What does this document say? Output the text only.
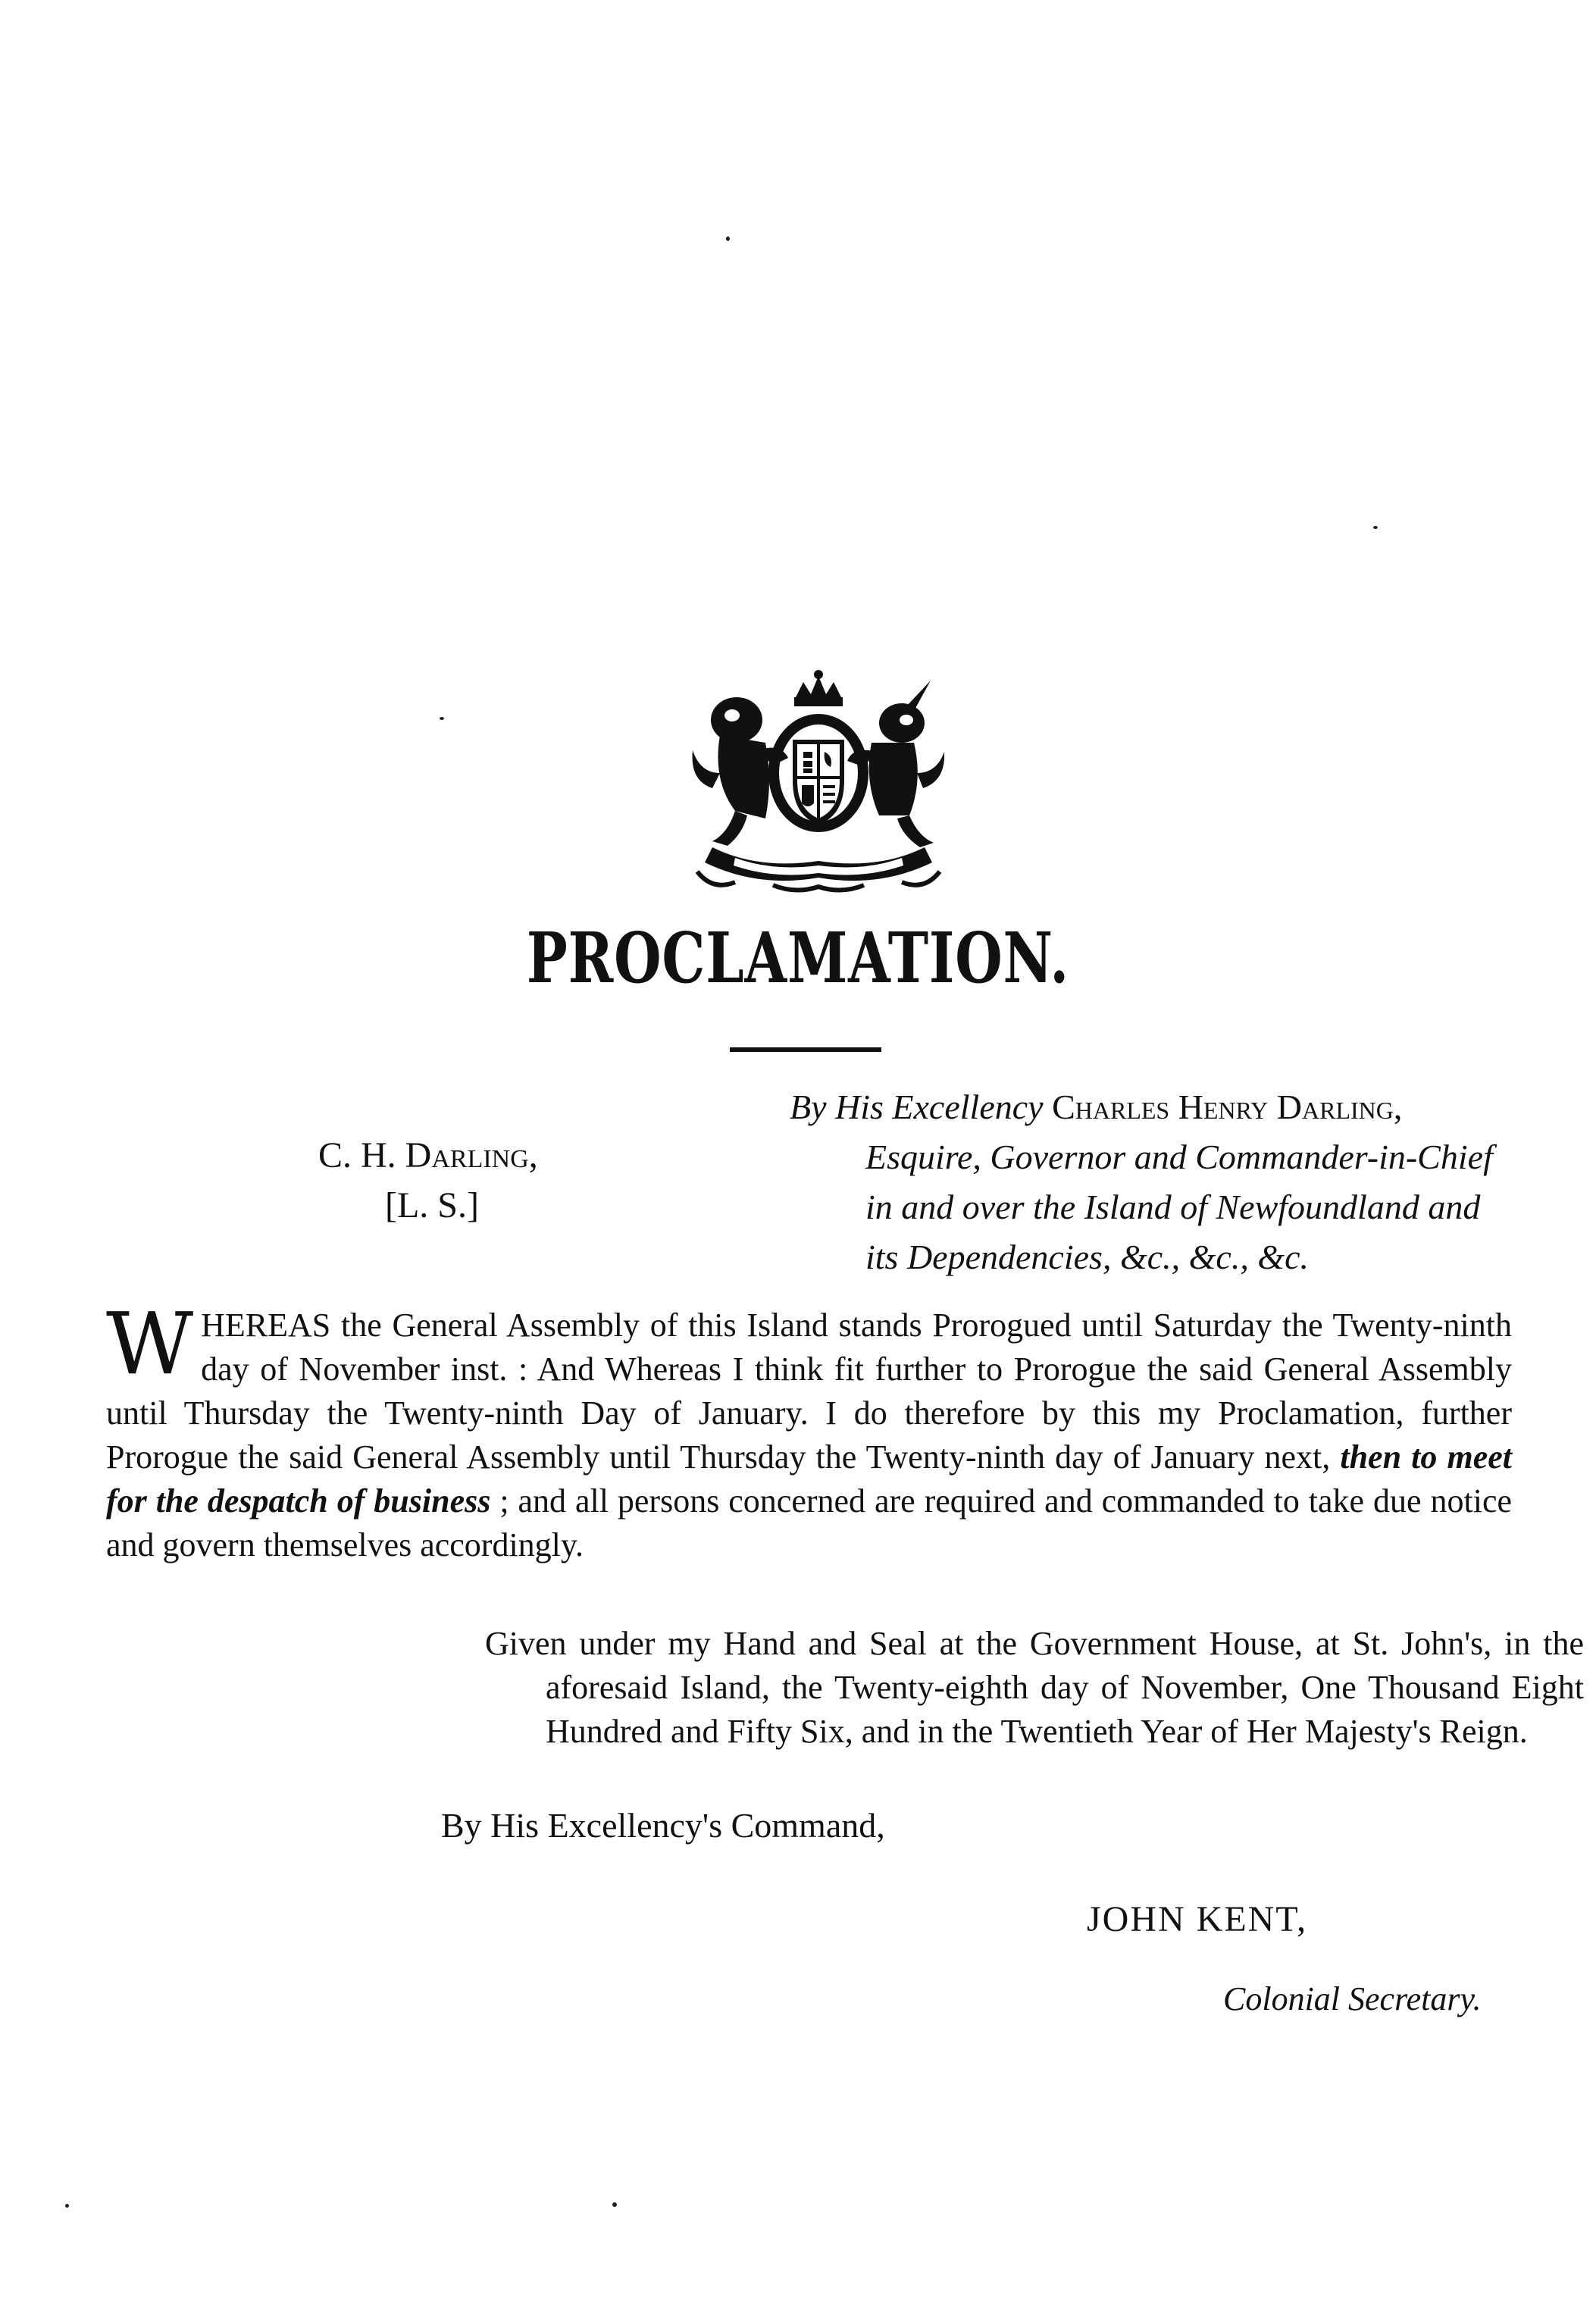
PROCLAMATION.
C. H. Darling,
[L. S.]
By His Excellency Charles Henry Darling,
Esquire, Governor and Commander-in-Chief in and over the Island of Newfoundland and its Dependencies, &c., &c., &c.

WHEREAS the General Assembly of this Island stands Prorogued until Saturday the Twenty-ninth day of November inst. : And Whereas I think fit further to Prorogue the said General Assembly until Thursday the Twenty-ninth Day of January. I do therefore by this my Proclamation, further Prorogue the said General Assembly until Thursday the Twenty-ninth day of January next, then to meet for the despatch of business ; and all persons concerned are required and commanded to take due notice and govern themselves accordingly.

Given under my Hand and Seal at the Government House, at St. John's, in the aforesaid Island, the Twenty-eighth day of November, One Thousand Eight Hundred and Fifty Six, and in the Twentieth Year of Her Majesty's Reign.

By His Excellency's Command,
JOHN KENT,
Colonial Secretary.
